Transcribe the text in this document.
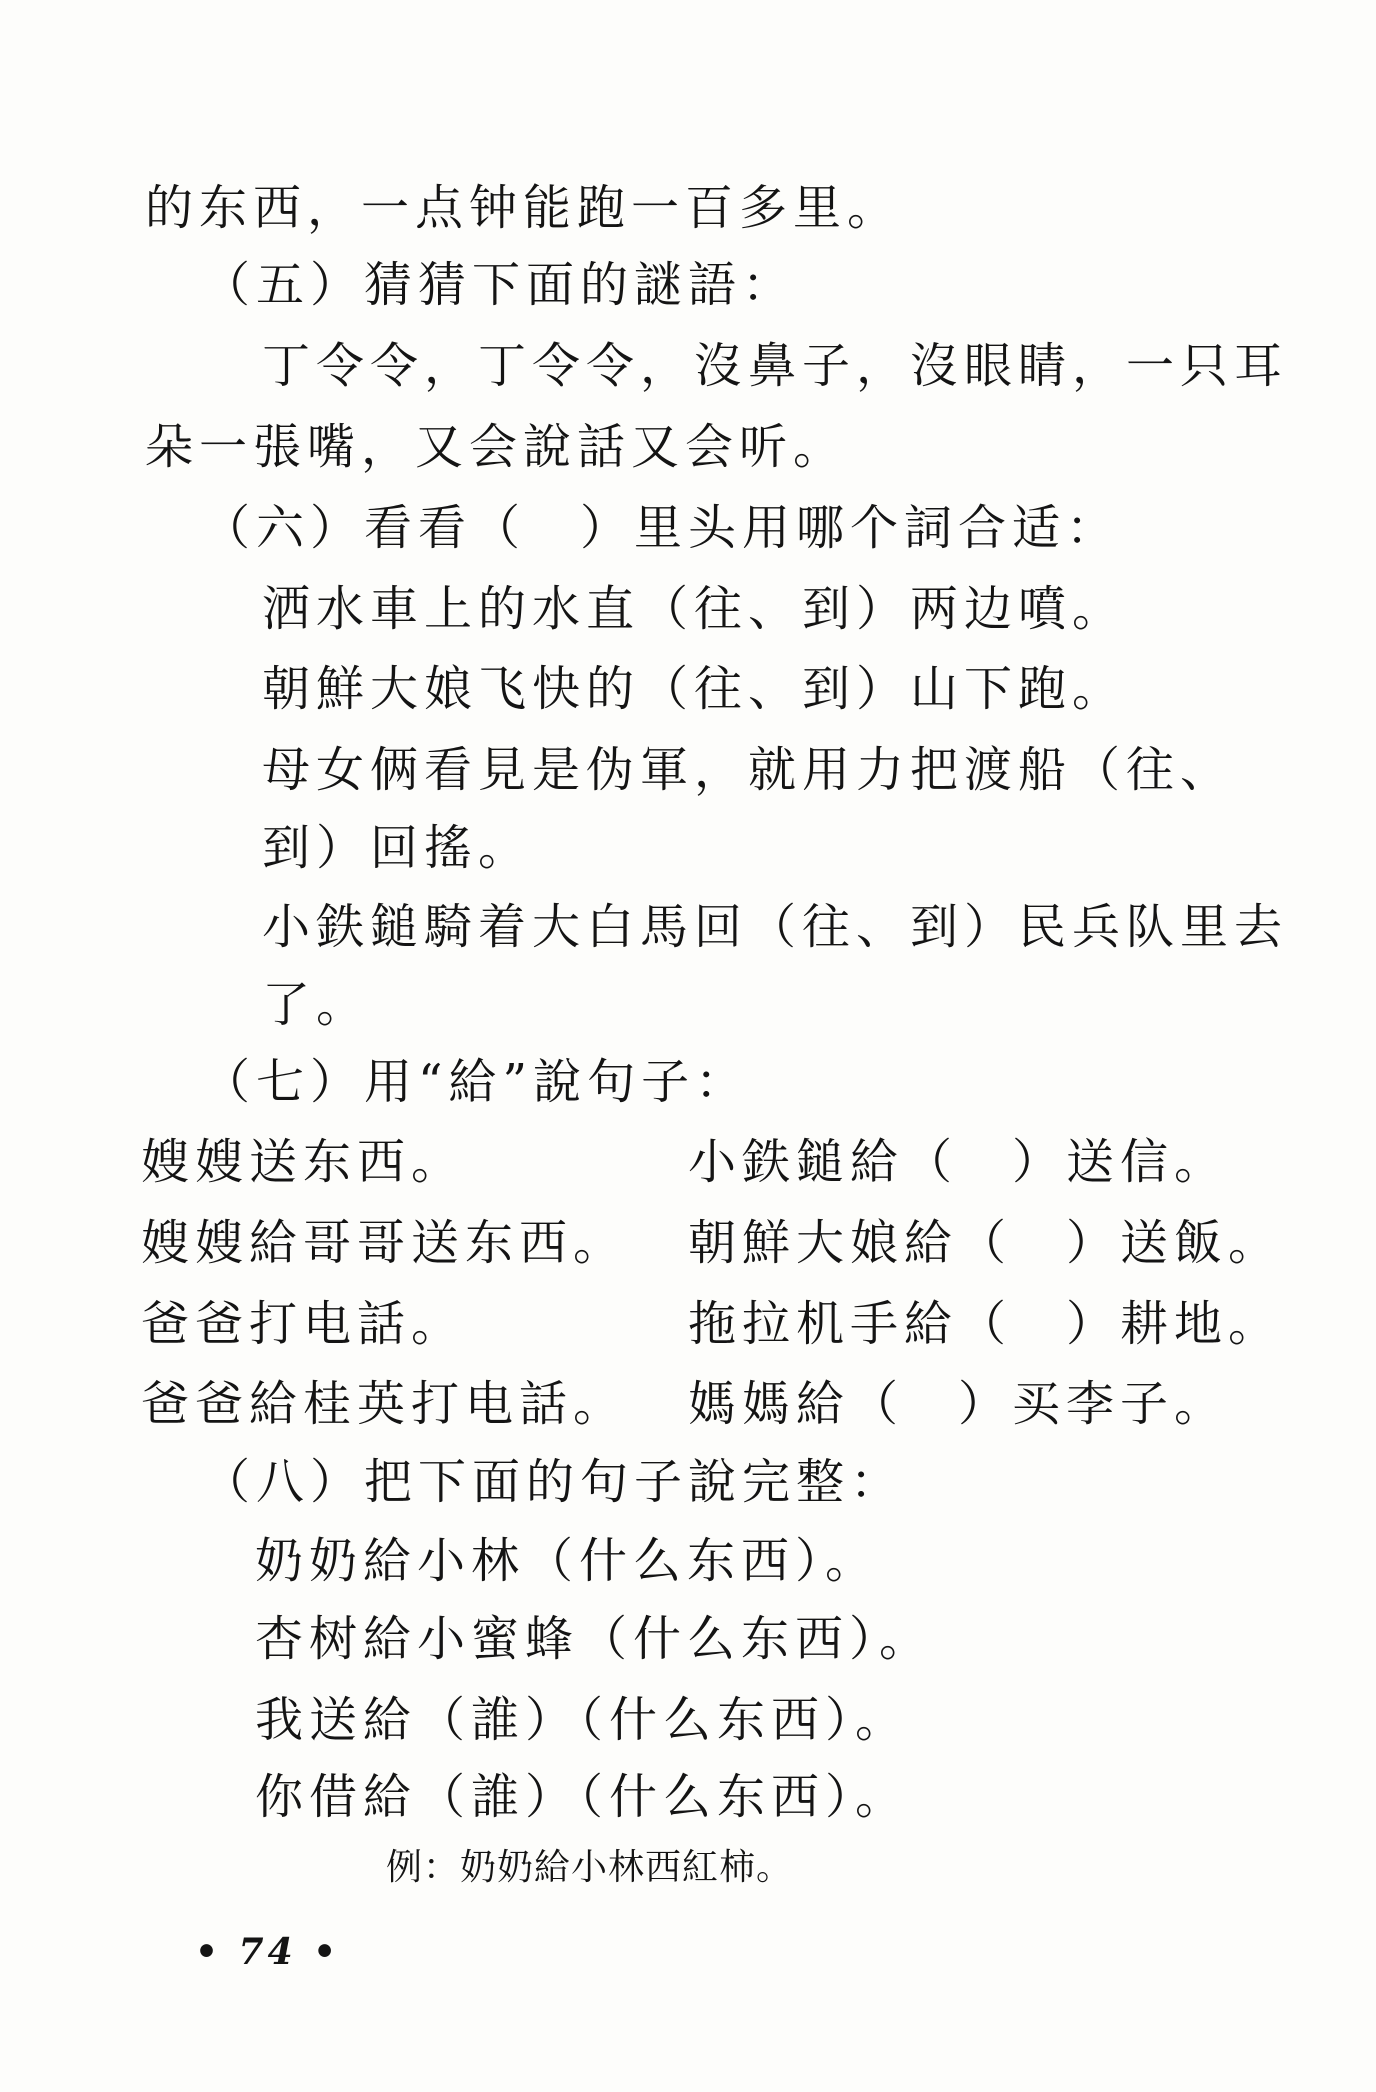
的东西，一点钟能跑一百多里。
（五）猜猜下面的謎語：
丁令令，丁令令，沒鼻子，沒眼睛，一只耳
朵一張嘴，又会說話又会听。
（六）看看（　）里头用哪个詞合适：
洒水車上的水直（往、到）两边噴。
朝鮮大娘飞快的（往、到）山下跑。
母女俩看見是伪軍，就用力把渡船（往、
到）回搖。
小鉄鎚騎着大白馬回（往、到）民兵队里去
了。
（七）用“給”說句子：
嫂嫂送东西。	小鉄鎚給（　）送信。
嫂嫂給哥哥送东西。 朝鮮大娘給（　）送飯。
爸爸打电話。	拖拉机手給（　）耕地。
爸爸給桂英打电話。 媽媽給（　）买李子。
（八）把下面的句子說完整：
奶奶給小林（什么东西）。
杏树給小蜜蜂（什么东西）。
我送給（誰）（什么东西）。
你借給（誰）（什么东西）。
例：奶奶給小林西紅柿。
• 74 •
